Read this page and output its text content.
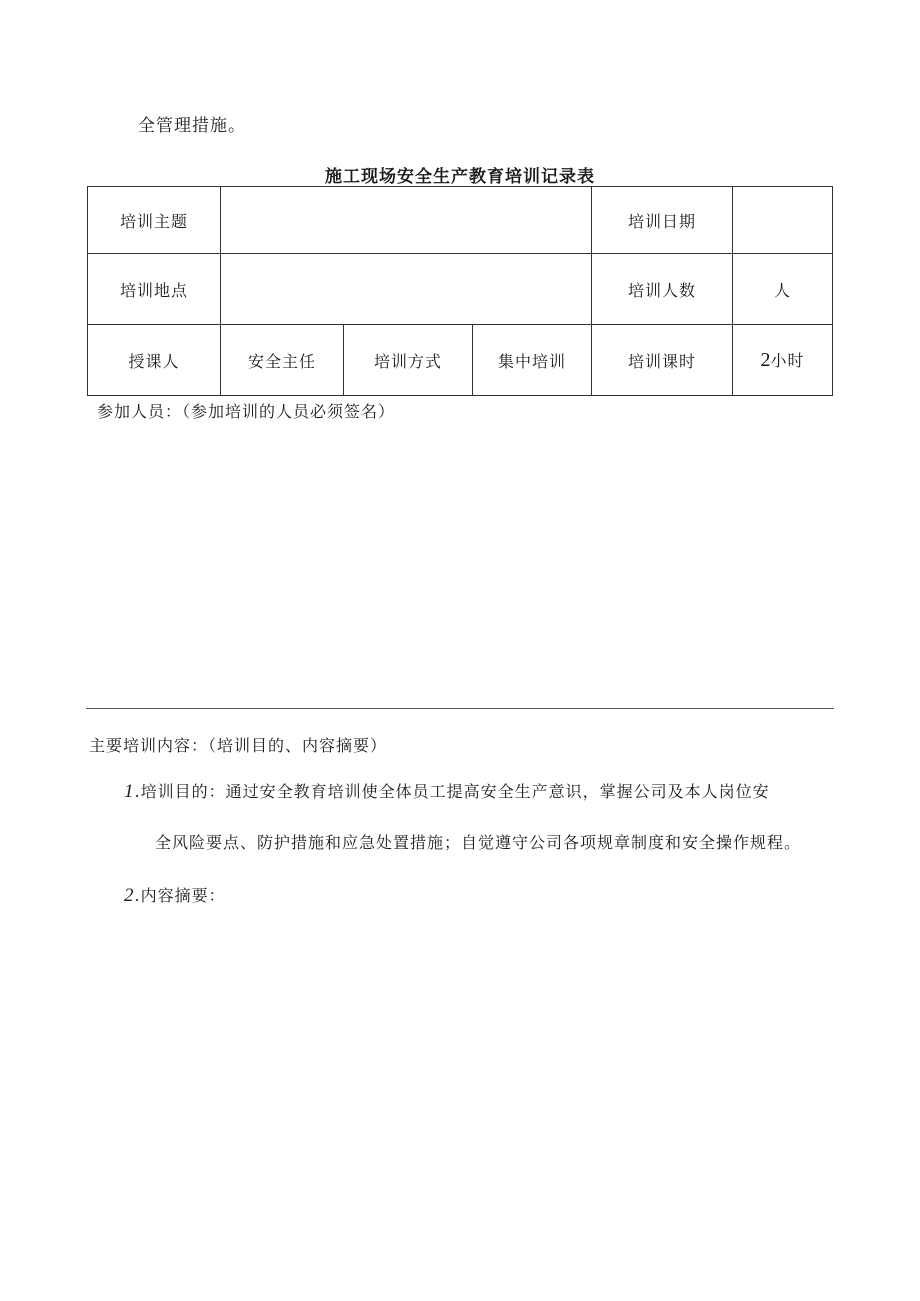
全管理措施。
施工现场安全生产教育培训记录表
培训主题				培训日期	
培训地点				培训人数	人
授课人	安全主任	培训方式	集中培训	培训课时	2小时
参加人员：（参加培训的人员必须签名）
主要培训内容：（培训目的、内容摘要）
1.培训目的：通过安全教育培训使全体员工提高安全生产意识，掌握公司及本人岗位安
全风险要点、防护措施和应急处置措施；自觉遵守公司各项规章制度和安全操作规程。
2.内容摘要：
